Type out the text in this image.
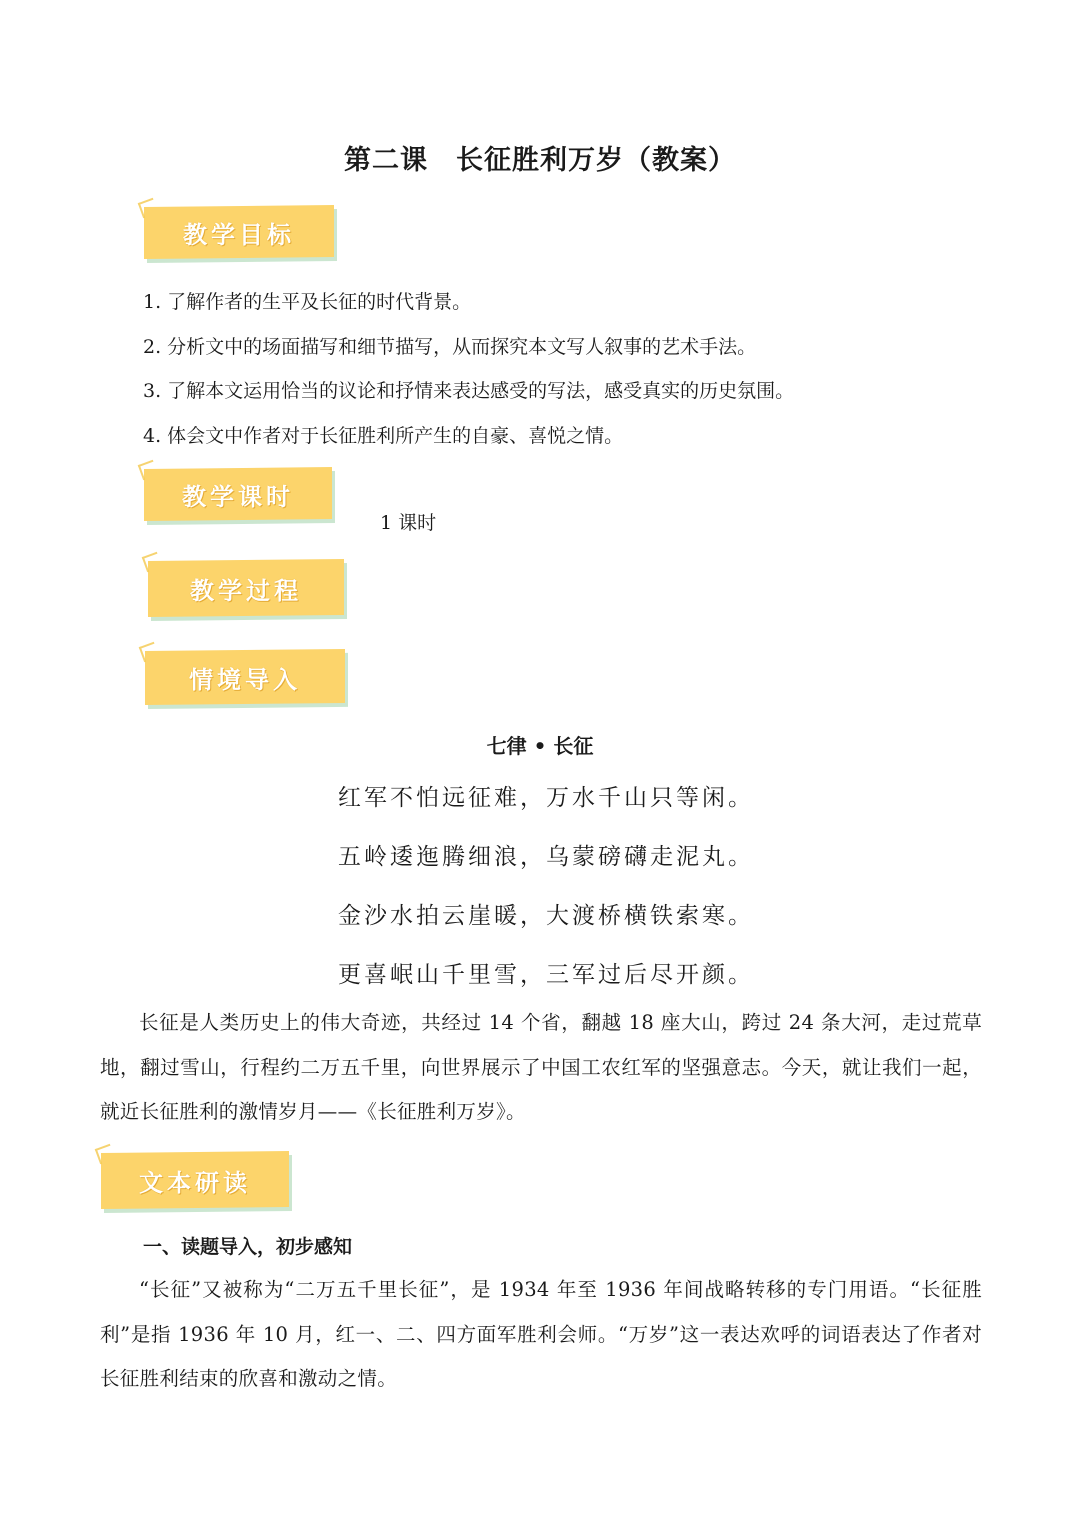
第二课　长征胜利万岁（教案）
教学目标
1. 了解作者的生平及长征的时代背景。
2. 分析文中的场面描写和细节描写，从而探究本文写人叙事的艺术手法。
3. 了解本文运用恰当的议论和抒情来表达感受的写法，感受真实的历史氛围。
4. 体会文中作者对于长征胜利所产生的自豪、喜悦之情。
教学课时
1 课时
教学过程
情境导入
七律 • 长征
红军不怕远征难，万水千山只等闲。
五岭逶迤腾细浪，乌蒙磅礴走泥丸。
金沙水拍云崖暖，大渡桥横铁索寒。
更喜岷山千里雪，三军过后尽开颜。
长征是人类历史上的伟大奇迹，共经过 14 个省，翻越 18 座大山，跨过 24 条大河，走过荒草地，翻过雪山，行程约二万五千里，向世界展示了中国工农红军的坚强意志。今天，就让我们一起，就近长征胜利的激情岁月——《长征胜利万岁》。
文本研读
一、读题导入，初步感知
“长征”又被称为“二万五千里长征”，是 1934 年至 1936 年间战略转移的专门用语。“长征胜利”是指 1936 年 10 月，红一、二、四方面军胜利会师。“万岁”这一表达欢呼的词语表达了作者对长征胜利结束的欣喜和激动之情。
